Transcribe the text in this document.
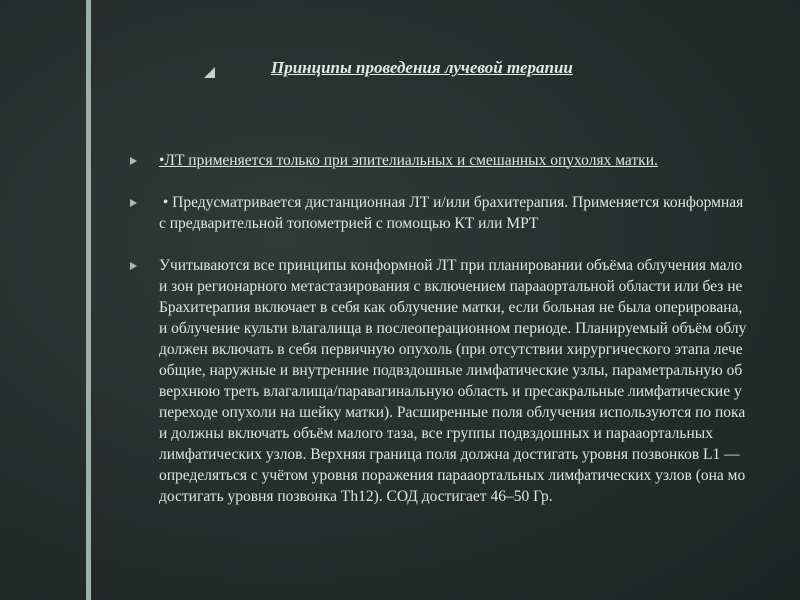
Принципы проведения лучевой терапии
•ЛТ применяется только при эпителиальных и смешанных опухолях матки.
• Предусматривается дистанционная ЛТ и/или брахитерапия. Применяется конформная
с предварительной топометрией с помощью КТ или МРТ
Учитываются все принципы конформной ЛТ при планировании объёма облучения мало
и зон регионарного метастазирования с включением парааортальной области или без не
Брахитерапия включает в себя как облучение матки, если больная не была оперирована,
и облучение культи влагалища в послеоперационном периоде. Планируемый объём облу
должен включать в себя первичную опухоль (при отсутствии хирургического этапа лече
общие, наружные и внутренние подвздошные лимфатические узлы, параметральную об
верхнюю треть влагалища/паравагинальную область и пресакральные лимфатические у
переходе опухоли на шейку матки). Расширенные поля облучения используются по пока
и должны включать объём малого таза, все группы подвздошных и парааортальных
лимфатических узлов. Верхняя граница поля должна достигать уровня позвонков L1 —
определяться с учётом уровня поражения парааортальных лимфатических узлов (она мо
достигать уровня позвонка Th12). СОД достигает 46–50 Гр.
